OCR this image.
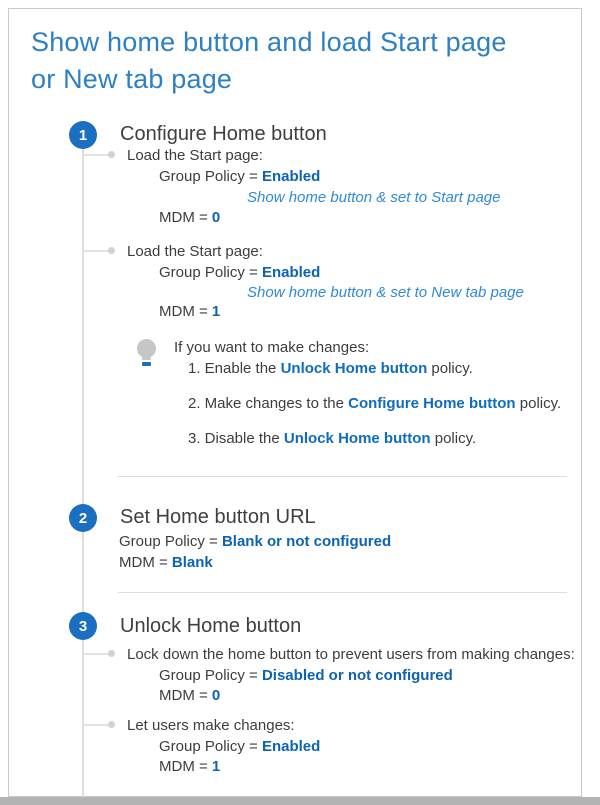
Show home button and load Start page
or New tab page
1 Configure Home button
Load the Start page:
Group Policy = Enabled
Show home button & set to Start page
MDM = 0
Load the Start page:
Group Policy = Enabled
Show home button & set to New tab page
MDM = 1
If you want to make changes:
1. Enable the Unlock Home button policy.
2. Make changes to the Configure Home button policy.
3. Disable the Unlock Home button policy.
2 Set Home button URL
Group Policy = Blank or not configured
MDM = Blank
3 Unlock Home button
Lock down the home button to prevent users from making changes:
Group Policy = Disabled or not configured
MDM = 0
Let users make changes:
Group Policy = Enabled
MDM = 1
